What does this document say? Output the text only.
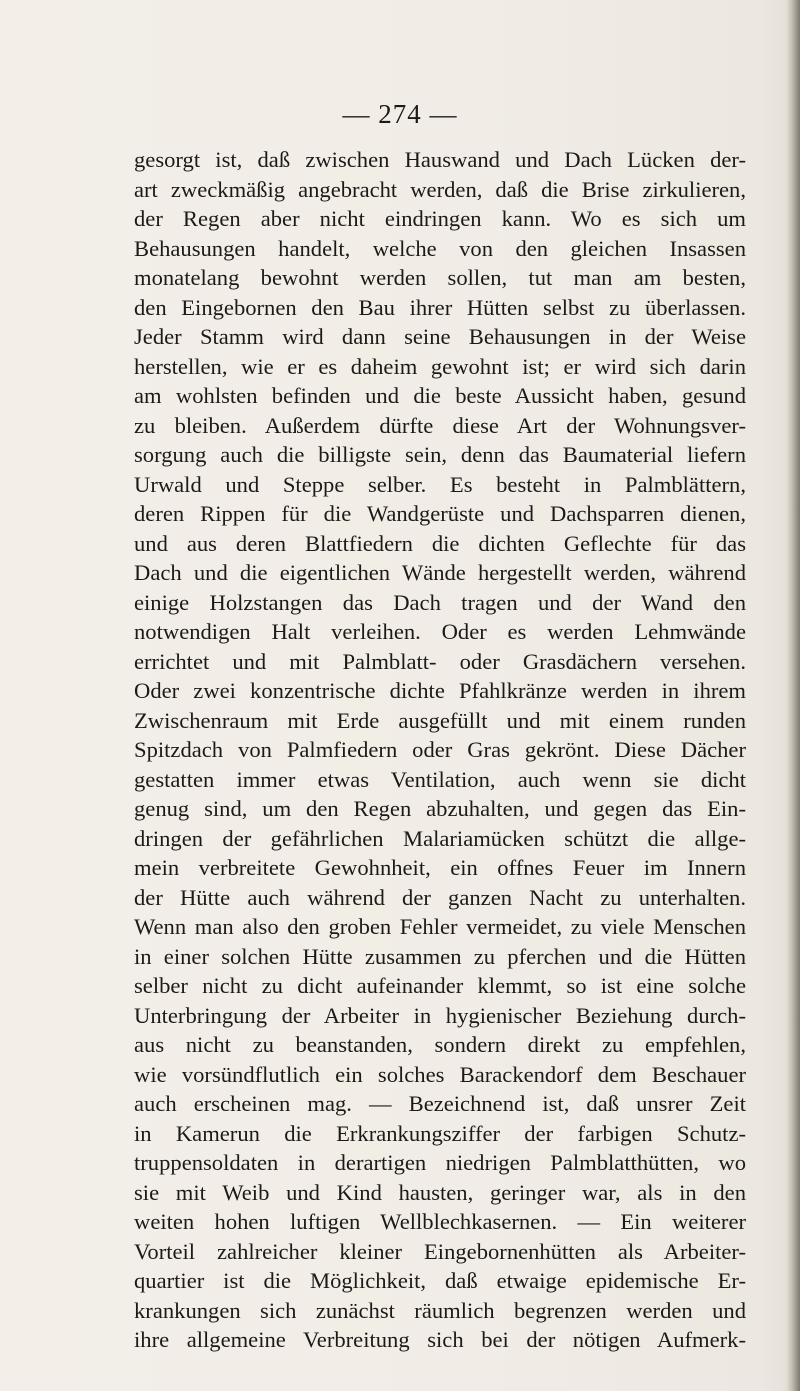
— 274 —
gesorgt ist, daß zwischen Hauswand und Dach Lücken der-
art zweckmäßig angebracht werden, daß die Brise zirkulieren,
der Regen aber nicht eindringen kann. Wo es sich um
Behausungen handelt, welche von den gleichen Insassen
monatelang bewohnt werden sollen, tut man am besten,
den Eingebornen den Bau ihrer Hütten selbst zu überlassen.
Jeder Stamm wird dann seine Behausungen in der Weise
herstellen, wie er es daheim gewohnt ist; er wird sich darin
am wohlsten befinden und die beste Aussicht haben, gesund
zu bleiben. Außerdem dürfte diese Art der Wohnungsver-
sorgung auch die billigste sein, denn das Baumaterial liefern
Urwald und Steppe selber. Es besteht in Palmblättern,
deren Rippen für die Wandgerüste und Dachsparren dienen,
und aus deren Blattfiedern die dichten Geflechte für das
Dach und die eigentlichen Wände hergestellt werden, während
einige Holzstangen das Dach tragen und der Wand den
notwendigen Halt verleihen. Oder es werden Lehmwände
errichtet und mit Palmblatt- oder Grasdächern versehen.
Oder zwei konzentrische dichte Pfahlkränze werden in ihrem
Zwischenraum mit Erde ausgefüllt und mit einem runden
Spitzdach von Palmfiedern oder Gras gekrönt. Diese Dächer
gestatten immer etwas Ventilation, auch wenn sie dicht
genug sind, um den Regen abzuhalten, und gegen das Ein-
dringen der gefährlichen Malariamücken schützt die allge-
mein verbreitete Gewohnheit, ein offnes Feuer im Innern
der Hütte auch während der ganzen Nacht zu unterhalten.
Wenn man also den groben Fehler vermeidet, zu viele Menschen
in einer solchen Hütte zusammen zu pferchen und die Hütten
selber nicht zu dicht aufeinander klemmt, so ist eine solche
Unterbringung der Arbeiter in hygienischer Beziehung durch-
aus nicht zu beanstanden, sondern direkt zu empfehlen,
wie vorsündflutlich ein solches Barackendorf dem Beschauer
auch erscheinen mag. — Bezeichnend ist, daß unsrer Zeit
in Kamerun die Erkrankungsziffer der farbigen Schutz-
truppensoldaten in derartigen niedrigen Palmblatthütten, wo
sie mit Weib und Kind hausten, geringer war, als in den
weiten hohen luftigen Wellblechkasernen. — Ein weiterer
Vorteil zahlreicher kleiner Eingebornenhütten als Arbeiter-
quartier ist die Möglichkeit, daß etwaige epidemische Er-
krankungen sich zunächst räumlich begrenzen werden und
ihre allgemeine Verbreitung sich bei der nötigen Aufmerk-
